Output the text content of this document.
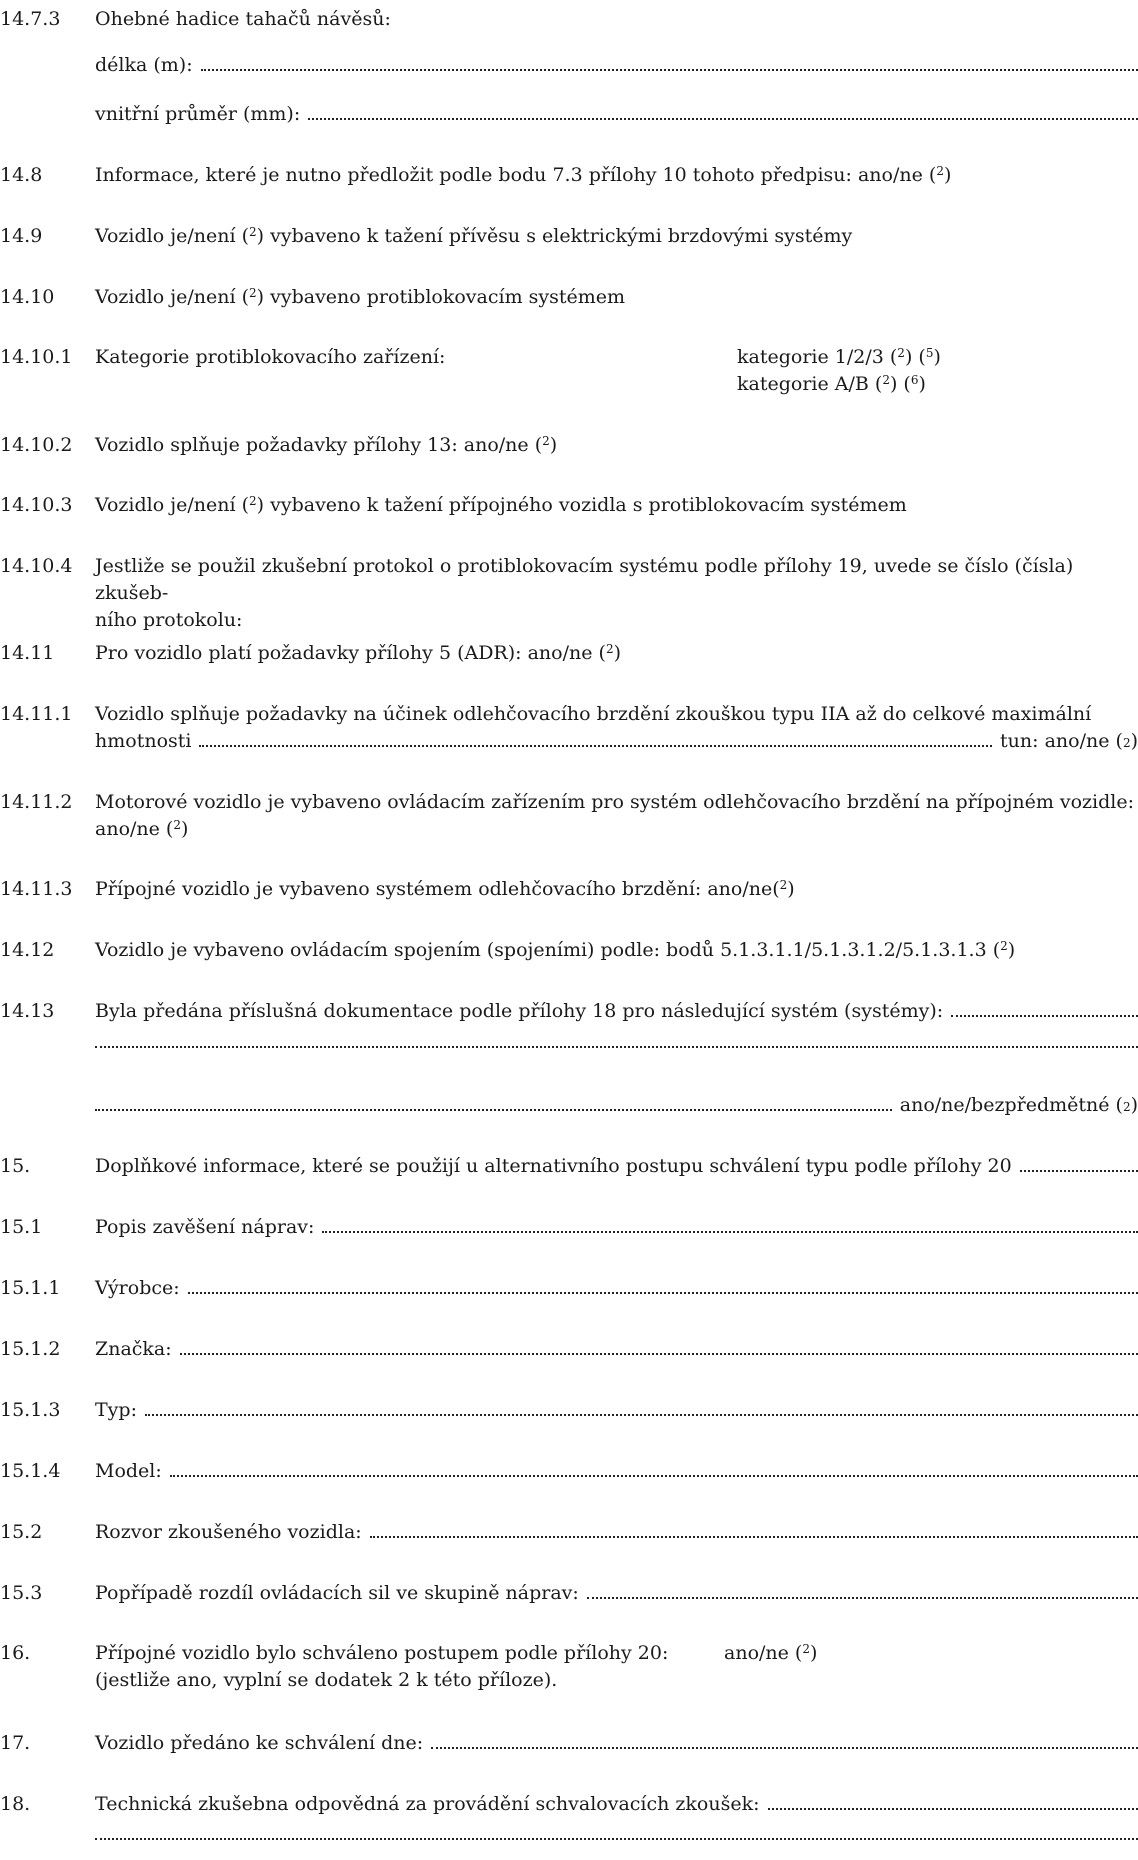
14.7.3 Ohebné hadice tahačů návěsů:
délka (m):
vnitřní průměr (mm):
14.8	Informace, které je nutno předložit podle bodu 7.3 přílohy 10 tohoto předpisu: ano/ne ($^2$)
14.9	Vozidlo je/není ($^2$) vybaveno k tažení přívěsu s elektrickými brzdovými systémy
14.10 Vozidlo je/není ($^2$) vybaveno protiblokovacím systémem
14.10.1 Kategorie protiblokovacího zařízení:	kategorie 1/2/3 ($^2$) ($^5$)
kategorie A/B ($^2$) ($^6$)
14.10.2 Vozidlo splňuje požadavky přílohy 13: ano/ne ($^2$)
14.10.3 Vozidlo je/není ($^2$) vybaveno k tažení přípojného vozidla s protiblokovacím systémem
14.10.4 Jestliže se použil zkušební protokol o protiblokovacím systému podle přílohy 19, uvede se číslo (čísla) zkušeb-
ního protokolu:
14.11 Pro vozidlo platí požadavky přílohy 5 (ADR): ano/ne ($^2$)
14.11.1 Vozidlo splňuje požadavky na účinek odlehčovacího brzdění zkouškou typu IIA až do celkové maximální
hmotnosti	tun: ano/ne ( 2 )
14.11.2 Motorové vozidlo je vybaveno ovládacím zařízením pro systém odlehčovacího brzdění na přípojném vozidle:
ano/ne ($^2$)
14.11.3 Přípojné vozidlo je vybaveno systémem odlehčovacího brzdění: ano/ne($^2$)
14.12 Vozidlo je vybaveno ovládacím spojením (spojeními) podle: bodů 5.1.3.1.1/5.1.3.1.2/5.1.3.1.3 ($^2$)
14.13 Byla předána příslušná dokumentace podle přílohy 18 pro následující systém (systémy):
ano/ne/bezpředmětné ( 2 )
15.	Doplňkové informace, které se použijí u alternativního postupu schválení typu podle přílohy 20
15.1	Popis zavěšení náprav:
15.1.1 Výrobce:
15.1.2 Značka:
15.1.3 Typ:
15.1.4 Model:
15.2	Rozvor zkoušeného vozidla:
15.3	Popřípadě rozdíl ovládacích sil ve skupině náprav:
16.	Přípojné vozidlo bylo schváleno postupem podle přílohy 20:
(jestliže ano, vyplní se dodatek 2 k této příloze).
ano/ne ($^2$)
17.	Vozidlo předáno ke schválení dne:
18.	Technická zkušebna odpovědná za provádění schvalovacích zkoušek:
